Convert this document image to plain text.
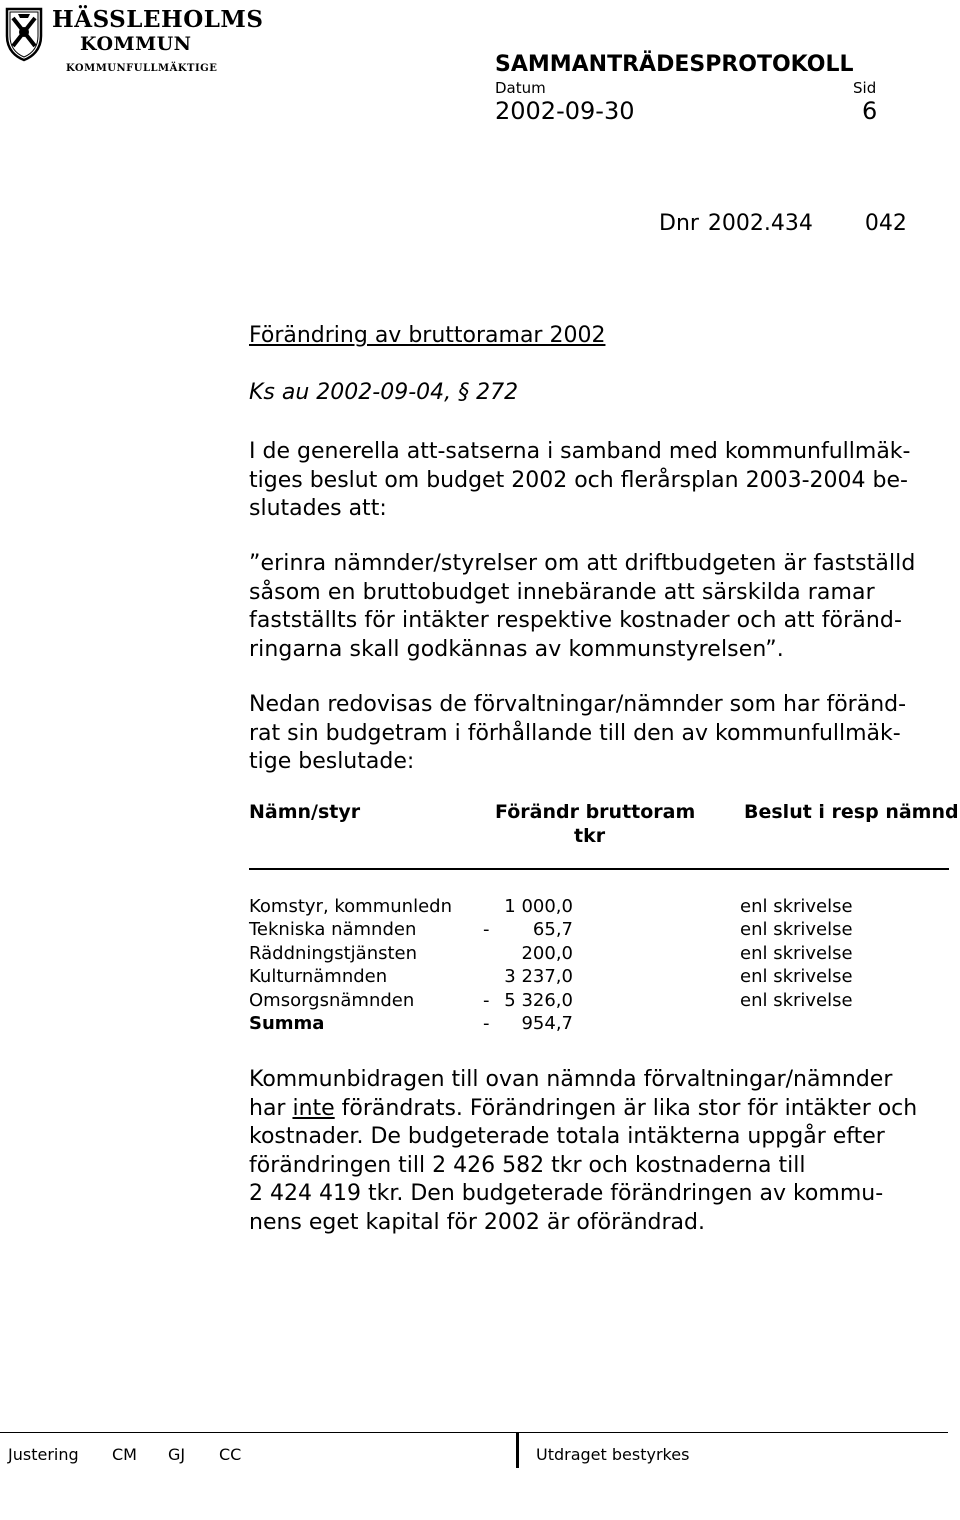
HÄSSLEHOLMS
KOMMUN
KOMMUNFULLMÄKTIGE	SAMMANTRÄDESPROTOKOLL
Datum	Sid
2002-09-30	6
Dnr 2002.434 042
Förändring av bruttoramar 2002
Ks au 2002-09-04, § 272
I de generella att-satserna i samband med kommunfullmäk-
tiges beslut om budget 2002 och flerårsplan 2003-2004 be-
slutades att:
”erinra nämnder/styrelser om att driftbudgeten är fastställd
såsom en bruttobudget innebärande att särskilda ramar
fastställts för intäkter respektive kostnader och att föränd-
ringarna skall godkännas av kommunstyrelsen”.
Nedan redovisas de förvaltningar/nämnder som har föränd-
rat sin budgetram i förhållande till den av kommunfullmäk-
tige beslutade:
Nämn/styr	Förändr bruttoram	Beslut i resp nämnd
tkr
Komstyr, kommunledn	1 000,0	enl skrivelse
Tekniska nämnden	-	65,7	enl skrivelse
Räddningstjänsten	200,0	enl skrivelse
Kulturnämnden	3 237,0	enl skrivelse
Omsorgsnämnden	- 5 326,0	enl skrivelse
Summa	-	954,7
Kommunbidragen till ovan nämnda förvaltningar/nämnder
har inte förändrats. Förändringen är lika stor för intäkter och
kostnader. De budgeterade totala intäkterna uppgår efter
förändringen till 2 426 582 tkr och kostnaderna till
2 424 419 tkr. Den budgeterade förändringen av kommu-
nens eget kapital för 2002 är oförändrad.
Justering CM GJ CC	Utdraget bestyrkes
